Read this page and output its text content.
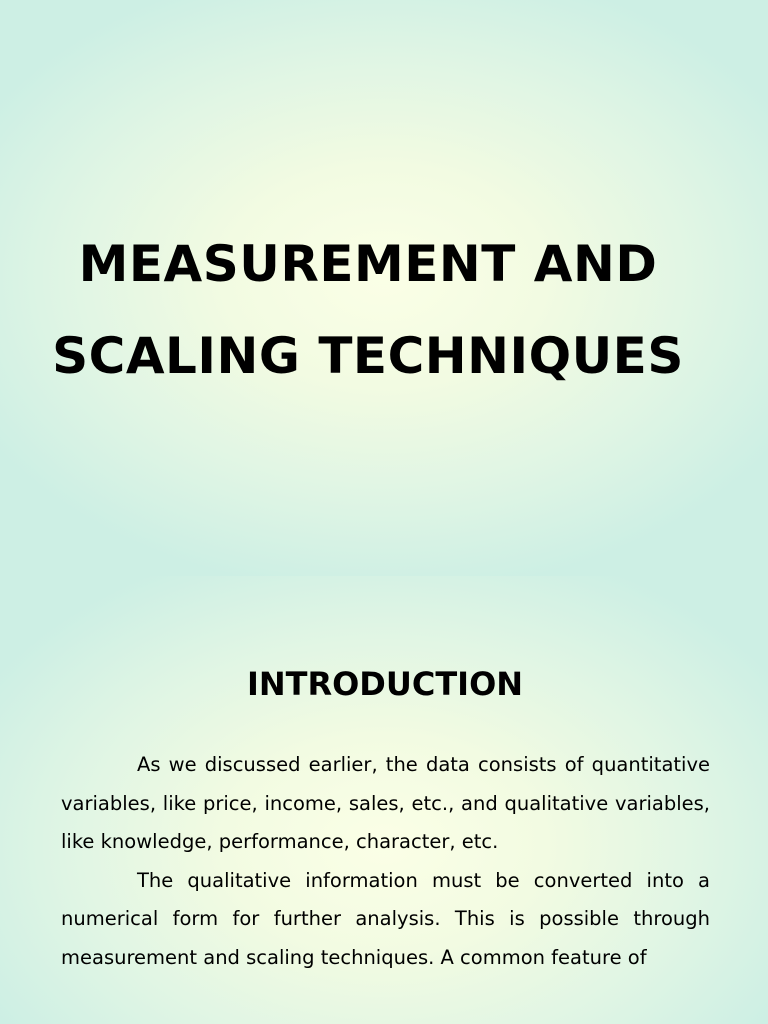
MEASUREMENT AND
SCALING TECHNIQUES
INTRODUCTION

As we discussed earlier, the data consists of quantitative variables, like price, income, sales, etc., and qualitative variables, like knowledge, performance, character, etc.

The qualitative information must be converted into a numerical form for further analysis. This is possible through measurement and scaling techniques. A common feature of
